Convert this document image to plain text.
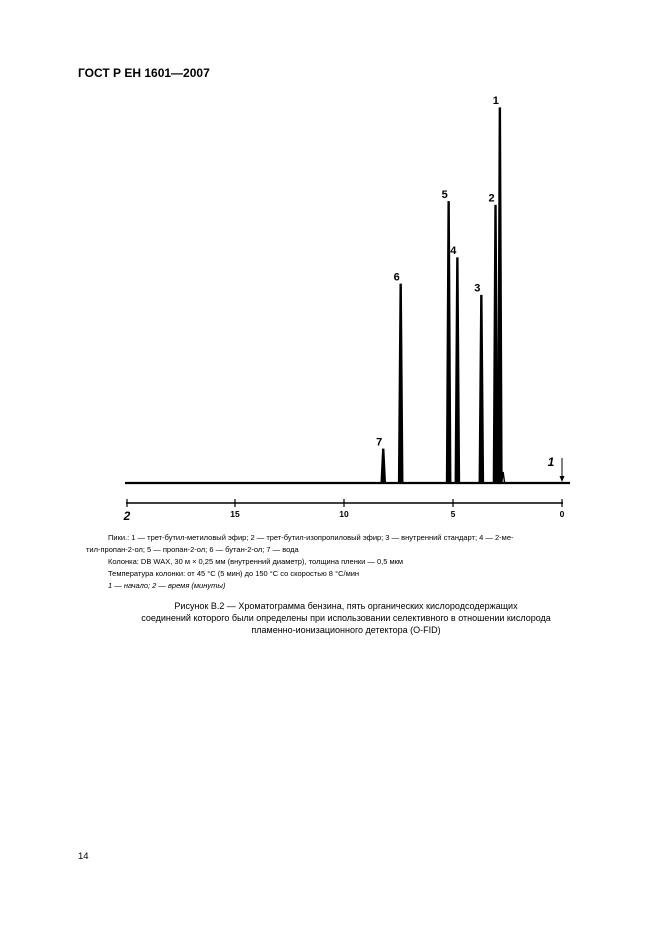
ГОСТ Р ЕН 1601—2007
1
2
3
4
5
6
7
1
2	15	10	5	0

Пики.: 1 — трет-бутил-метиловый эфир; 2 — трет-бутил-изопропиловый эфир; 3 — внутренний стандарт; 4 — 2-ме-

тил-пропан-2-ол; 5 — пропан-2-ол; 6 — бутан-2-ол; 7 — вода

Колонка: DB WAX, 30 м × 0,25 мм (внутренний диаметр), толщина пленки — 0,5 мкм

Температура колонки: от 45 °С (5 мин) до 150 °С со скоростью 8 °С/мин

1 — начало; 2 — время (минуты)

Рисунок В.2 — Хроматограмма бензина, пять органических кислородсодержащих
соединений которого были определены при использовании селективного в отношении кислорода
пламенно-ионизационного детектора (O-FID)
14
